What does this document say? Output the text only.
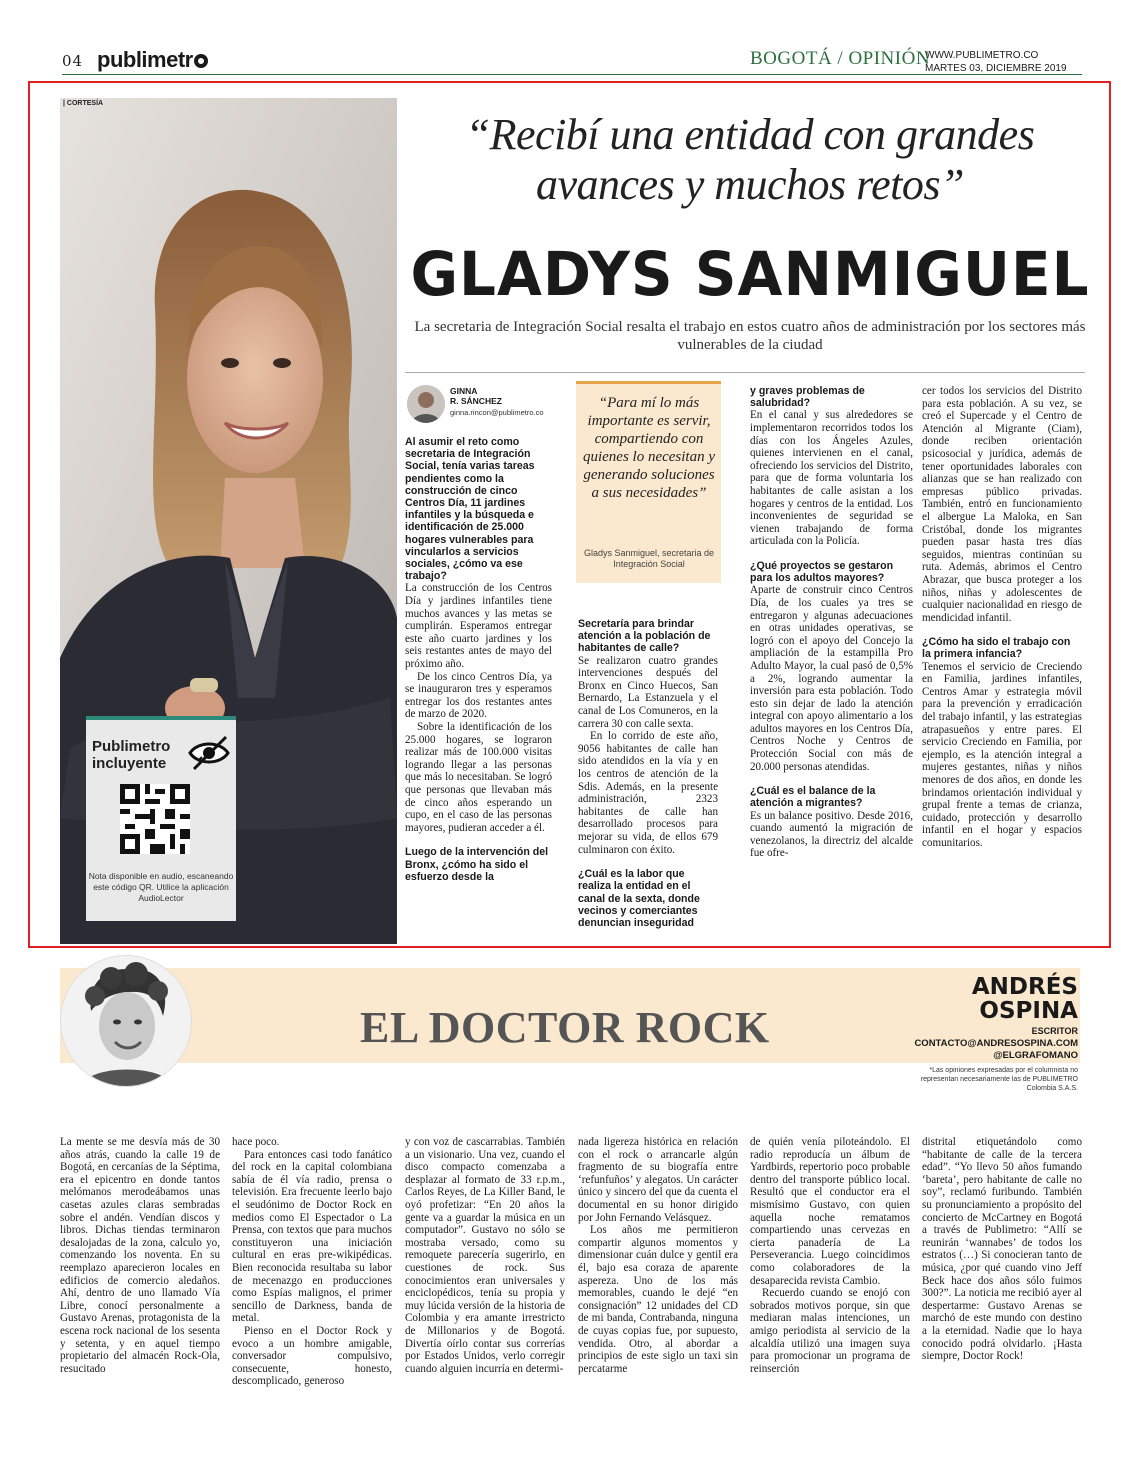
04 publimetr	BOGOTÁ / OPINIÓN
WWW.PUBLIMETRO.CO
MARTES 03, DICIEMBRE 2019
| CORTESÍA
Publimetro incluyente
Nota disponible en audio, escaneando este código QR. Utilice la aplicación AudioLector
“Recibí una entidad con grandes avances y muchos retos”
GLADYS SANMIGUEL
La secretaria de Integración Social resalta el trabajo en estos cuatro años de administración por los sectores más vulnerables de la ciudad
GINNA
R. SÁNCHEZ
ginna.rincon@publimetro.co

Al asumir el reto como secretaria de Integración Social, tenía varias tareas pendientes como la construcción de cinco Centros Día, 11 jardines infantiles y la búsqueda e identificación de 25.000 hogares vulnerables para vincularlos a servicios sociales, ¿cómo va ese trabajo?

La construcción de los Centros Día y jardines infantiles tiene muchos avances y las metas se cumplirán. Esperamos entregar este año cuarto jardines y los seis restantes antes de mayo del próximo año.

De los cinco Centros Día, ya se inauguraron tres y esperamos entregar los dos restantes antes de marzo de 2020.

Sobre la identificación de los 25.000 hogares, se lograron realizar más de 100.000 visitas logrando llegar a las personas que más lo necesitaban. Se logró que personas que llevaban más de cinco años esperando un cupo, en el caso de las personas mayores, pudieran acceder a él.

Luego de la intervención del Bronx, ¿cómo ha sido el esfuerzo desde la

“Para mí lo más importante es servir, compartiendo con quienes lo necesitan y generando soluciones a sus necesidades”
Gladys Sanmiguel, secretaria de Integración Social

Secretaría para brindar atención a la población de habitantes de calle?

Se realizaron cuatro grandes intervenciones después del Bronx en Cinco Huecos, San Bernardo, La Estanzuela y el canal de Los Comuneros, en la carrera 30 con calle sexta.

En lo corrido de este año, 9056 habitantes de calle han sido atendidos en la vía y en los centros de atención de la Sdis. Además, en la presente administración, 2323 habitantes de calle han desarrollado procesos para mejorar su vida, de ellos 679 culminaron con éxito.

¿Cuál es la labor que realiza la entidad en el canal de la sexta, donde vecinos y comerciantes denuncian inseguridad

y graves problemas de salubridad?

En el canal y sus alrededores se implementaron recorridos todos los días con los Ángeles Azules, quienes intervienen en el canal, ofreciendo los servicios del Distrito, para que de forma voluntaria los habitantes de calle asistan a los hogares y centros de la entidad. Los inconvenientes de seguridad se vienen trabajando de forma articulada con la Policía.

¿Qué proyectos se gestaron para los adultos mayores?

Aparte de construir cinco Centros Día, de los cuales ya tres se entregaron y algunas adecuaciones en otras unidades operativas, se logró con el apoyo del Concejo la ampliación de la estampilla Pro Adulto Mayor, la cual pasó de 0,5% a 2%, logrando aumentar la inversión para esta población. Todo esto sin dejar de lado la atención integral con apoyo alimentario a los adultos mayores en los Centros Día, Centros Noche y Centros de Protección Social con más de 20.000 personas atendidas.

¿Cuál es el balance de la atención a migrantes?

Es un balance positivo. Desde 2016, cuando aumentó la migración de venezolanos, la directriz del alcalde fue ofre-

cer todos los servicios del Distrito para esta población. A su vez, se creó el Supercade y el Centro de Atención al Migrante (Ciam), donde reciben orientación psicosocial y jurídica, además de tener oportunidades laborales con alianzas que se han realizado con empresas público privadas. También, entró en funcionamiento el albergue La Maloka, en San Cristóbal, donde los migrantes pueden pasar hasta tres días seguidos, mientras continúan su ruta. Además, abrimos el Centro Abrazar, que busca proteger a los niños, niñas y adolescentes de cualquier nacionalidad en riesgo de mendicidad infantil.

¿Cómo ha sido el trabajo con la primera infancia?

Tenemos el servicio de Creciendo en Familia, jardines infantiles, Centros Amar y estrategia móvil para la prevención y erradicación del trabajo infantil, y las estrategias atrapasueños y entre pares. El servicio Creciendo en Familia, por ejemplo, es la atención integral a mujeres gestantes, niñas y niños menores de dos años, en donde les brindamos orientación individual y grupal frente a temas de crianza, cuidado, protección y desarrollo infantil en el hogar y espacios comunitarios.

EL DOCTOR ROCK
ANDRÉS
OSPINA
ESCRITOR
CONTACTO@ANDRESOSPINA.COM
@ELGRAFOMANO
*Las opiniones expresadas por el columnista no representan necesariamente las de PUBLIMETRO Colombia S.A.S.

La mente se me desvía más de 30 años atrás, cuando la calle 19 de Bogotá, en cercanías de la Séptima, era el epicentro en donde tantos melómanos merodeábamos unas casetas azules claras sembradas sobre el andén. Vendían discos y libros. Dichas tiendas terminaron desalojadas de la zona, calculo yo, comenzando los noventa. En su reemplazo aparecieron locales en edificios de comercio aledaños. Ahí, dentro de uno llamado Vía Libre, conocí personalmente a Gustavo Arenas, protagonista de la escena rock nacional de los sesenta y setenta, y en aquel tiempo propietario del almacén Rock-Ola, resucitado

hace poco.

Para entonces casi todo fanático del rock en la capital colombiana sabía de él vía radio, prensa o televisión. Era frecuente leerlo bajo el seudónimo de Doctor Rock en medios como El Espectador o La Prensa, con textos que para muchos constituyeron una iniciación cultural en eras pre-wikipédicas. Bien reconocida resultaba su labor de mecenazgo en producciones como Espías malignos, el primer sencillo de Darkness, banda de metal.

Pienso en el Doctor Rock y evoco a un hombre amigable, conversador compulsivo, consecuente, honesto, descomplicado, generoso

y con voz de cascarrabias. También a un visionario. Una vez, cuando el disco compacto comenzaba a desplazar al formato de 33 r.p.m., Carlos Reyes, de La Killer Band, le oyó profetizar: “En 20 años la gente va a guardar la música en un computador”. Gustavo no sólo se mostraba versado, como su remoquete parecería sugerirlo, en cuestiones de rock. Sus conocimientos eran universales y enciclopédicos, tenía su propia y muy lúcida versión de la historia de Colombia y era amante irrestricto de Millonarios y de Bogotá. Divertía oírlo contar sus correrías por Estados Unidos, verlo corregir cuando alguien incurría en determi-

nada ligereza histórica en relación con el rock o arrancarle algún fragmento de su biografía entre ‘refunfuños’ y alegatos. Un carácter único y sincero del que da cuenta el documental en su honor dirigido por John Fernando Velásquez.

Los años me permitieron compartir algunos momentos y dimensionar cuán dulce y gentil era él, bajo esa coraza de aparente aspereza. Uno de los más memorables, cuando le dejé “en consignación” 12 unidades del CD de mi banda, Contrabanda, ninguna de cuyas copias fue, por supuesto, vendida. Otro, al abordar a principios de este siglo un taxi sin percatarme

de quién venía piloteándolo. El radio reproducía un álbum de Yardbirds, repertorio poco probable dentro del transporte público local. Resultó que el conductor era el mismísimo Gustavo, con quien aquella noche rematamos compartiendo unas cervezas en cierta panadería de La Perseverancia. Luego coincidimos como colaboradores de la desaparecida revista Cambio.

Recuerdo cuando se enojó con sobrados motivos porque, sin que mediaran malas intenciones, un amigo periodista al servicio de la alcaldía utilizó una imagen suya para promocionar un programa de reinserción

distrital etiquetándolo como “habitante de calle de la tercera edad”. “Yo llevo 50 años fumando ‘bareta’, pero habitante de calle no soy”, reclamó furibundo. También su pronunciamiento a propósito del concierto de McCartney en Bogotá a través de Publimetro: “Allí se reunirán ‘wannabes’ de todos los estratos (…) Si conocieran tanto de música, ¿por qué cuando vino Jeff Beck hace dos años sólo fuimos 300?”. La noticia me recibió ayer al despertarme: Gustavo Arenas se marchó de este mundo con destino a la eternidad. Nadie que lo haya conocido podrá olvidarlo. ¡Hasta siempre, Doctor Rock!
